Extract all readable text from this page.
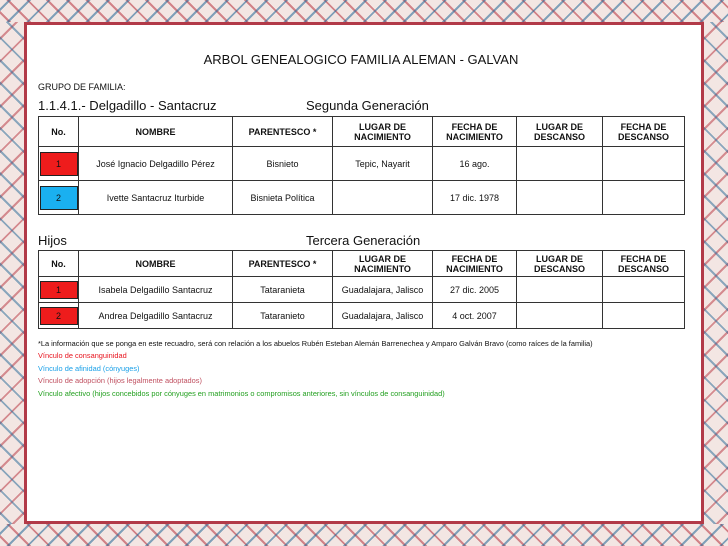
ARBOL GENEALOGICO FAMILIA ALEMAN - GALVAN
GRUPO DE FAMILIA:
1.1.4.1.- Delgadillo - Santacruz	Segunda Generación
No.	NOMBRE	PARENTESCO *	LUGAR DE NACIMIENTO	FECHA DE NACIMIENTO	LUGAR DE DESCANSO	FECHA DE DESCANSO

1	José Ignacio Delgadillo Pérez	Bisnieto	Tepic, Nayarit	16 ago.		

2	Ivette Santacruz Iturbide	Bisnieta Política		17 dic. 1978		
Hijos	Tercera Generación
No.	NOMBRE	PARENTESCO *	LUGAR DE NACIMIENTO	FECHA DE NACIMIENTO	LUGAR DE DESCANSO	FECHA DE DESCANSO

1	Isabela Delgadillo Santacruz	Tataranieta	Guadalajara, Jalisco	27 dic. 2005		

2	Andrea Delgadillo Santacruz	Tataranieto	Guadalajara, Jalisco	4 oct. 2007		
*La información que se ponga en este recuadro, será con relación a los abuelos Rubén Esteban Alemán Barrenechea y Amparo Galván Bravo (como raíces de la familia)
Vínculo de consanguinidad
Vínculo de afinidad (cónyuges)
Vínculo de adopción (hijos legalmente adoptados)
Vínculo afectivo (hijos concebidos por cónyuges en matrimonios o compromisos anteriores, sin vínculos de consanguinidad)
